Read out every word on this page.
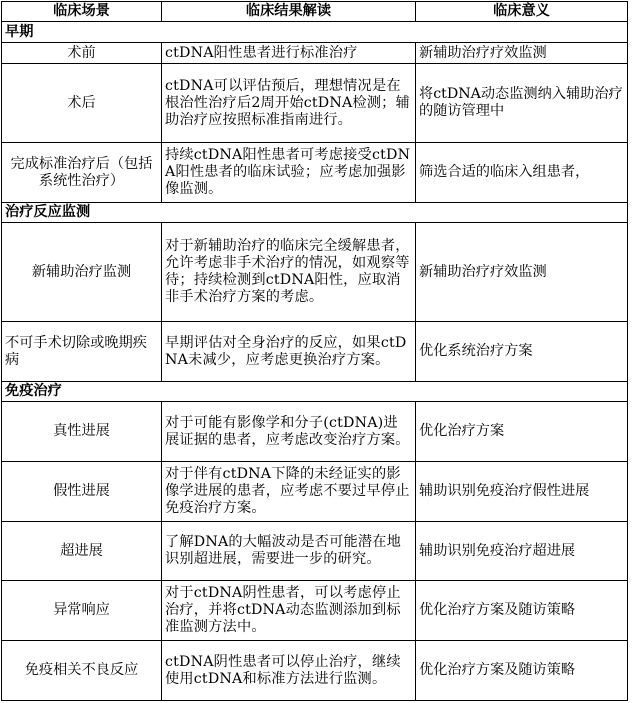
临床场景	临床结果解读	临床意义
早期		
术前	ctDNA阳性患者进行标准治疗	新辅助治疗疗效监测
术后	ctDNA可以评估预后，理想情况是在根治性治疗后2周开始ctDNA检测；辅助治疗应按照标准指南进行。	将ctDNA动态监测纳入辅助治疗的随访管理中
完成标准治疗后（包括系统性治疗）	持续ctDNA阳性患者可考虑接受ctDNA阳性患者的临床试验；应考虑加强影像监测。	筛选合适的临床入组患者，
治疗反应监测		
新辅助治疗监测	对于新辅助治疗的临床完全缓解患者，允许考虑非手术治疗的情况，如观察等待；持续检测到ctDNA阳性，应取消非手术治疗方案的考虑。	新辅助治疗疗效监测
不可手术切除或晚期疾病	早期评估对全身治疗的反应，如果ctDNA未减少，应考虑更换治疗方案。	优化系统治疗方案
免疫治疗		
真性进展	对于可能有影像学和分子(ctDNA)进展证据的患者，应考虑改变治疗方案。	优化治疗方案
假性进展	对于伴有ctDNA下降的未经证实的影像学进展的患者，应考虑不要过早停止免疫治疗方案。	辅助识别免疫治疗假性进展
超进展	了解DNA的大幅波动是否可能潜在地识别超进展，需要进一步的研究。	辅助识别免疫治疗超进展
异常响应	对于ctDNA阴性患者，可以考虑停止治疗，并将ctDNA动态监测添加到标准监测方法中。	优化治疗方案及随访策略
免疫相关不良反应	ctDNA阴性患者可以停止治疗，继续使用ctDNA和标准方法进行监测。	优化治疗方案及随访策略
